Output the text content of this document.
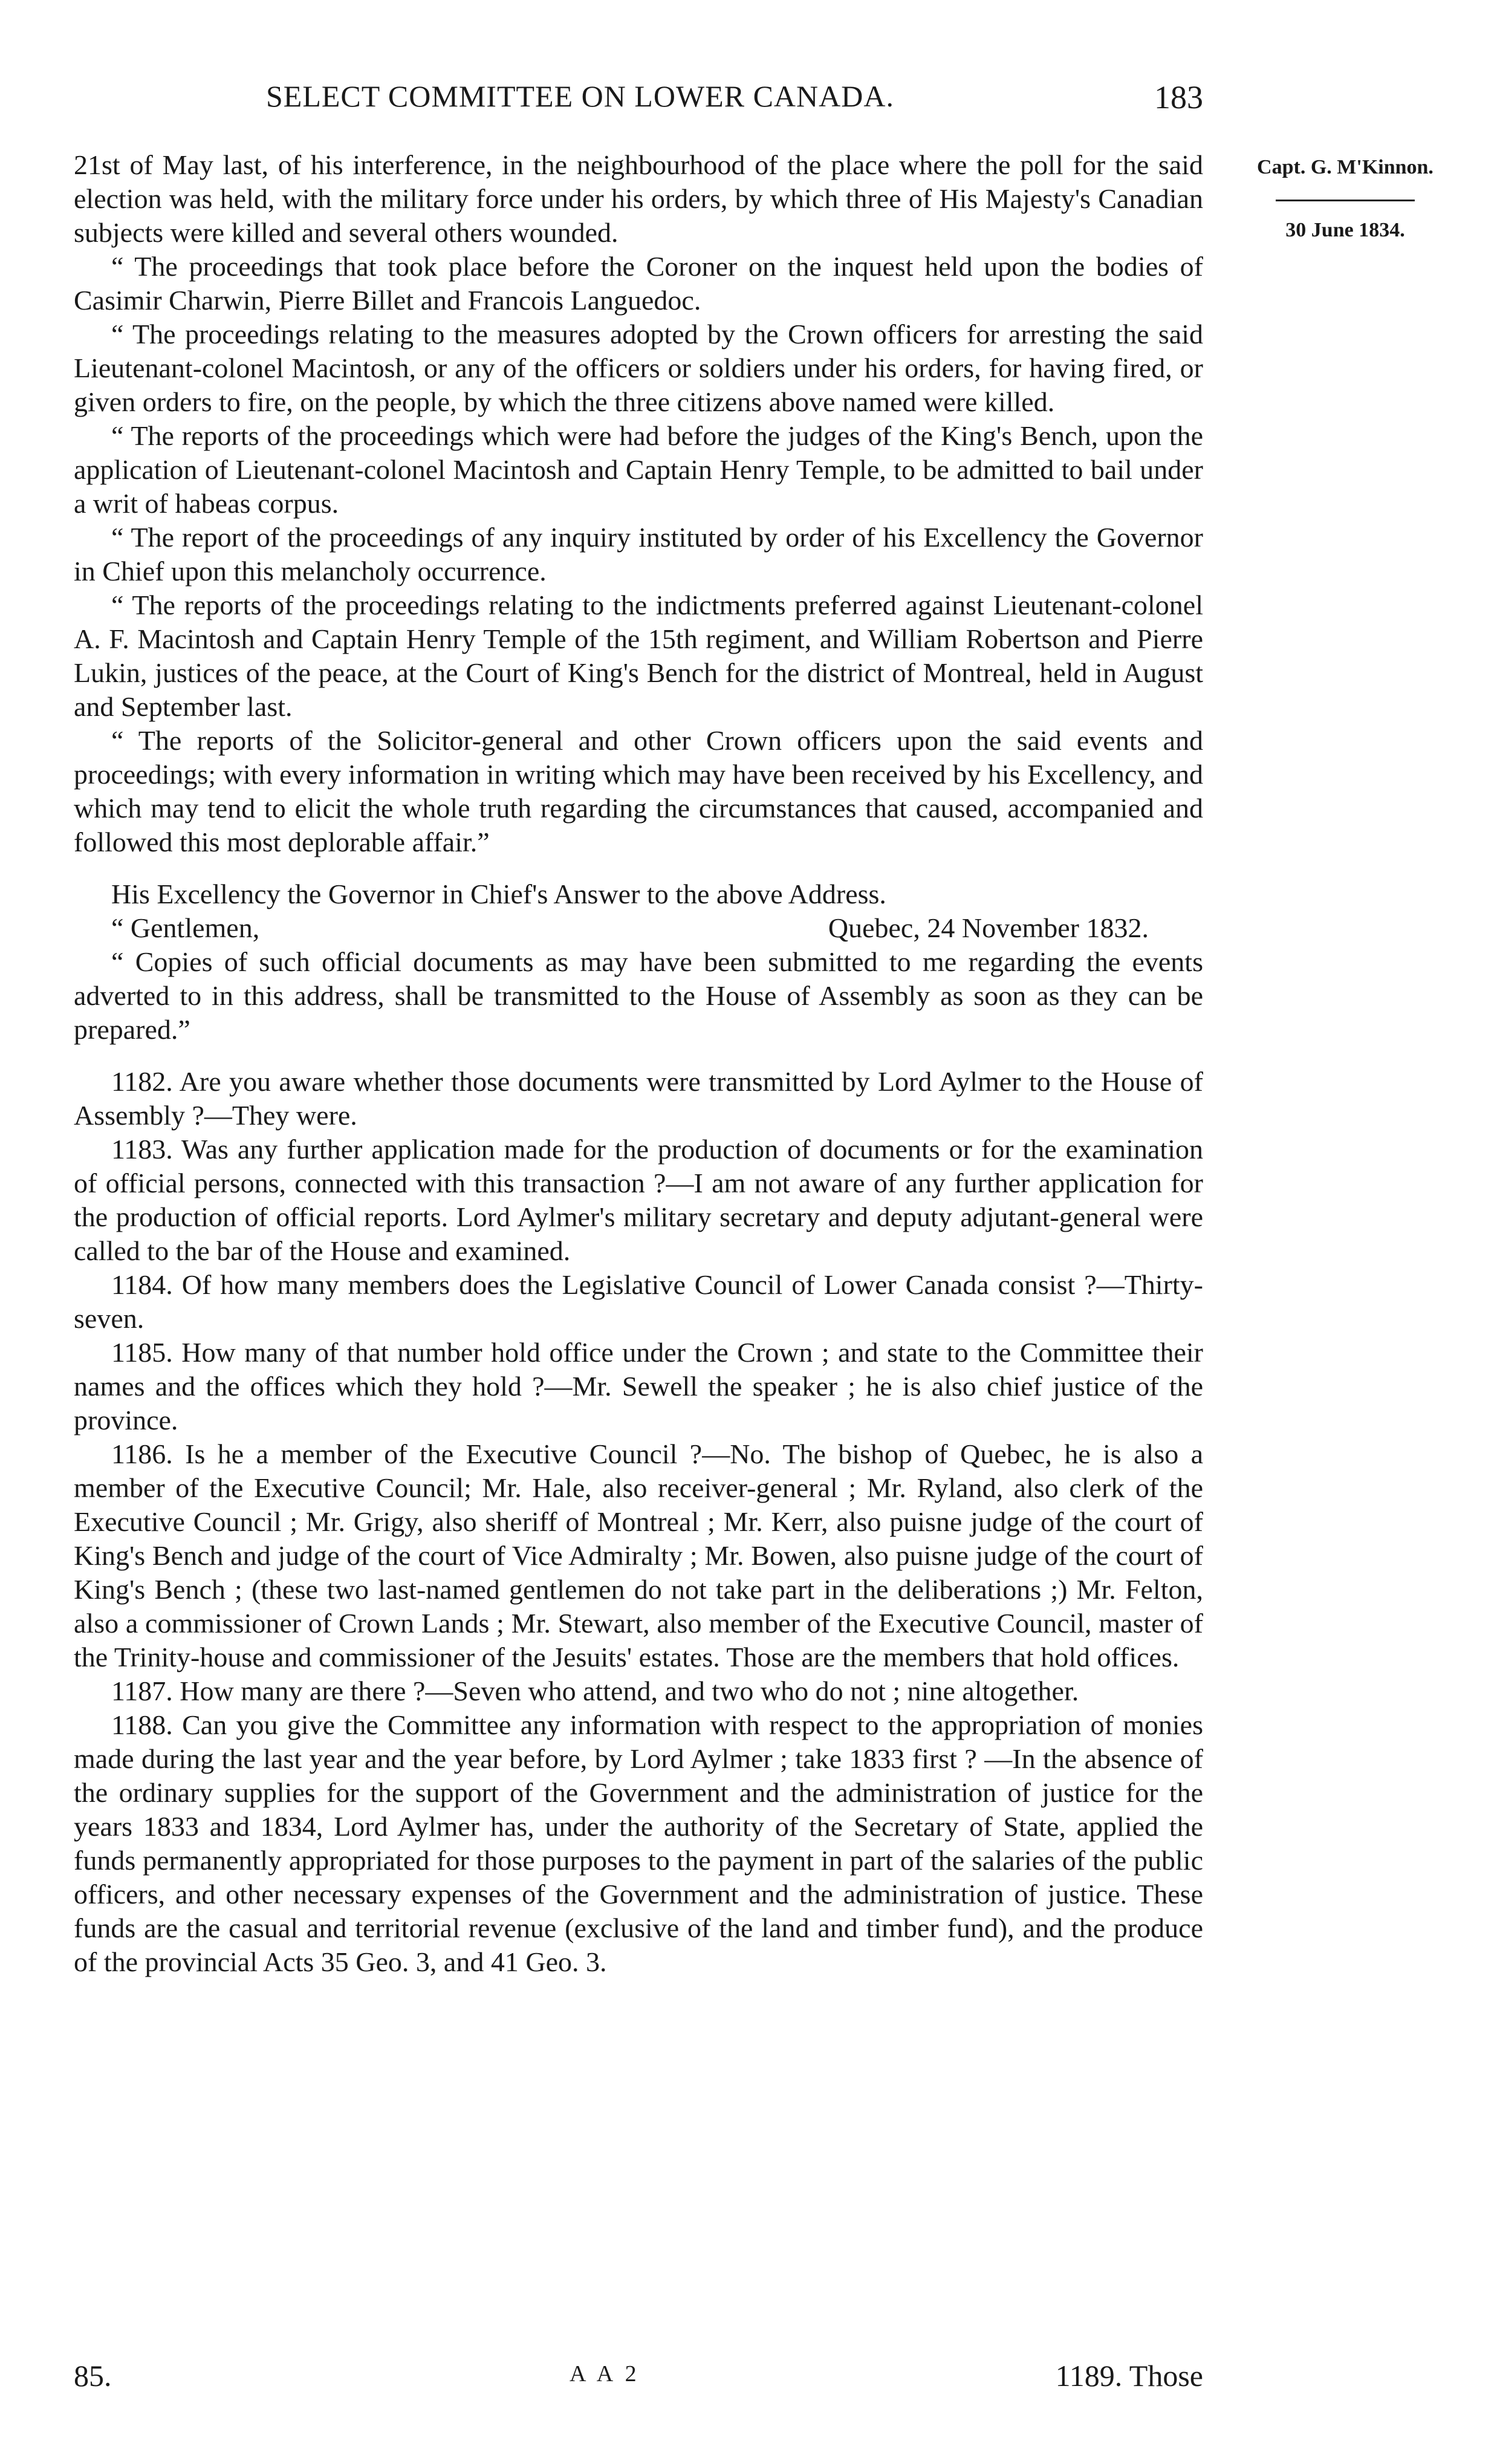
SELECT COMMITTEE ON LOWER CANADA.	183
Capt. G. M'Kinnon.
30 June 1834.

21st of May last, of his interference, in the neighbourhood of the place where the poll for the said election was held, with the military force under his orders, by which three of His Majesty's Canadian subjects were killed and several others wounded.

“ The proceedings that took place before the Coroner on the inquest held upon the bodies of Casimir Charwin, Pierre Billet and Francois Languedoc.

“ The proceedings relating to the measures adopted by the Crown officers for arresting the said Lieutenant-colonel Macintosh, or any of the officers or soldiers under his orders, for having fired, or given orders to fire, on the people, by which the three citizens above named were killed.

“ The reports of the proceedings which were had before the judges of the King's Bench, upon the application of Lieutenant-colonel Macintosh and Captain Henry Temple, to be admitted to bail under a writ of habeas corpus.

“ The report of the proceedings of any inquiry instituted by order of his Excellency the Governor in Chief upon this melancholy occurrence.

“ The reports of the proceedings relating to the indictments preferred against Lieutenant-colonel A. F. Macintosh and Captain Henry Temple of the 15th regiment, and William Robertson and Pierre Lukin, justices of the peace, at the Court of King's Bench for the district of Montreal, held in August and September last.

“ The reports of the Solicitor-general and other Crown officers upon the said events and proceedings; with every information in writing which may have been received by his Excellency, and which may tend to elicit the whole truth regarding the circumstances that caused, accompanied and followed this most deplorable affair.”

His Excellency the Governor in Chief's Answer to the above Address.

“ Gentlemen,	Quebec, 24 November 1832.

“ Copies of such official documents as may have been submitted to me regarding the events adverted to in this address, shall be transmitted to the House of Assembly as soon as they can be prepared.”

1182. Are you aware whether those documents were transmitted by Lord Aylmer to the House of Assembly ?—They were.

1183. Was any further application made for the production of documents or for the examination of official persons, connected with this transaction ?—I am not aware of any further application for the production of official reports. Lord Aylmer's military secretary and deputy adjutant-general were called to the bar of the House and examined.

1184. Of how many members does the Legislative Council of Lower Canada consist ?—Thirty-seven.

1185. How many of that number hold office under the Crown ; and state to the Committee their names and the offices which they hold ?—Mr. Sewell the speaker ; he is also chief justice of the province.

1186. Is he a member of the Executive Council ?—No. The bishop of Quebec, he is also a member of the Executive Council; Mr. Hale, also receiver-general ; Mr. Ryland, also clerk of the Executive Council ; Mr. Grigy, also sheriff of Montreal ; Mr. Kerr, also puisne judge of the court of King's Bench and judge of the court of Vice Admiralty ; Mr. Bowen, also puisne judge of the court of King's Bench ; (these two last-named gentlemen do not take part in the deliberations ;) Mr. Felton, also a commissioner of Crown Lands ; Mr. Stewart, also member of the Executive Council, master of the Trinity-house and commissioner of the Jesuits' estates. Those are the members that hold offices.

1187. How many are there ?—Seven who attend, and two who do not ; nine altogether.

1188. Can you give the Committee any information with respect to the appropriation of monies made during the last year and the year before, by Lord Aylmer ; take 1833 first ? —In the absence of the ordinary supplies for the support of the Government and the administration of justice for the years 1833 and 1834, Lord Aylmer has, under the authority of the Secretary of State, applied the funds permanently appropriated for those purposes to the payment in part of the salaries of the public officers, and other necessary expenses of the Government and the administration of justice. These funds are the casual and territorial revenue (exclusive of the land and timber fund), and the produce of the provincial Acts 35 Geo. 3, and 41 Geo. 3.

85.	A A 2	1189. Those
